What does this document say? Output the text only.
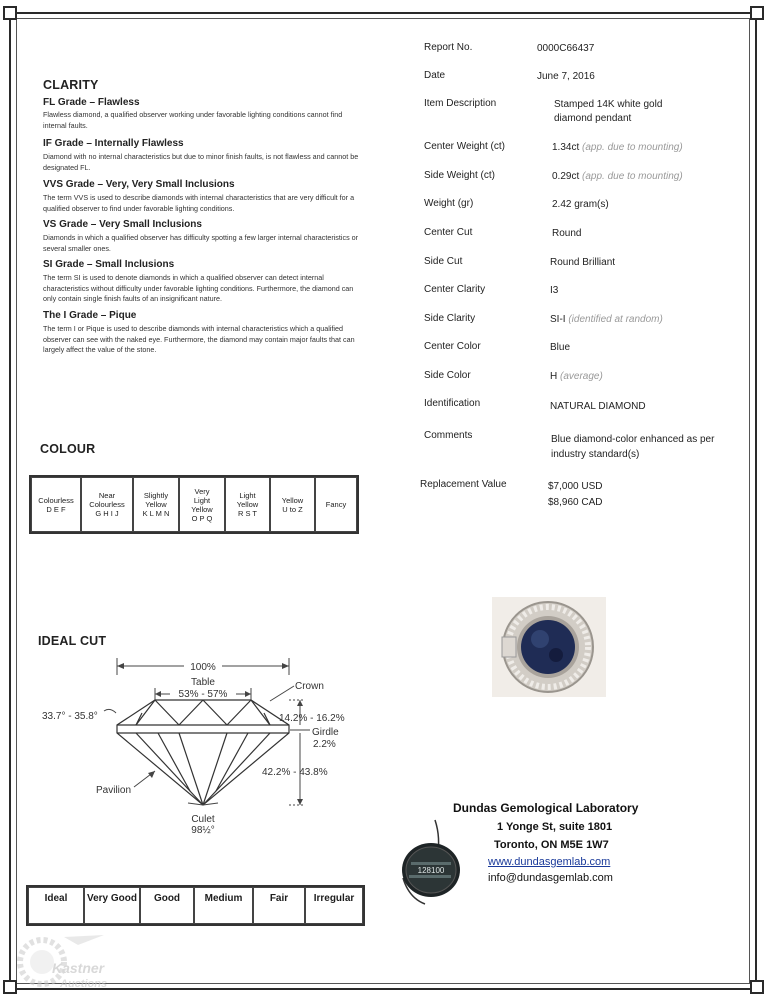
CLARITY
FL Grade – Flawless
Flawless diamond, a qualified observer working under favorable lighting conditions cannot find internal faults.
IF Grade – Internally Flawless
Diamond with no internal characteristics but due to minor finish faults, is not flawless and cannot be designated FL.
VVS Grade – Very, Very Small Inclusions
The term VVS is used to describe diamonds with internal characteristics that are very difficult for a qualified observer to find under favorable lighting conditions.
VS Grade – Very Small Inclusions
Diamonds in which a qualified observer has difficulty spotting a few larger internal characteristics or several smaller ones.
SI Grade – Small Inclusions
The term SI is used to denote diamonds in which a qualified observer can detect internal characteristics without difficulty under favorable lighting conditions. Furthermore, the diamond can only contain single finish faults of an insignificant nature.
The I Grade – Pique
The term I or Pique is used to describe diamonds with internal characteristics which a qualified observer can see with the naked eye. Furthermore, the diamond may contain major faults that can largely affect the value of the stone.
COLOUR
Colourless
D E F

Near Colourless
G H I J

Slightly Yellow
K L M N

Very Light Yellow
O P Q

Light Yellow
R S T

Yellow
U to Z	Fancy
IDEAL CUT
100%
Table
53% - 57%
Crown
33.7° - 35.8°	14.2% - 16.2%
Girdle
2.2%
42.2% - 43.8%
Pavilion
Culet
98½°
Ideal	Very Good	Good	Medium	Fair	Irregular
Report No.	0000C66437
Date	June 7, 2016
Item Description	Stamped 14K white gold diamond pendant
Center Weight (ct)	1.34ct (app. due to mounting)
Side Weight (ct)	0.29ct (app. due to mounting)
Weight (gr)	2.42 gram(s)
Center Cut	Round
Side Cut	Round Brilliant
Center Clarity	I3
Side Clarity	SI-I (identified at random)
Center Color	Blue
Side Color	H (average)
Identification	NATURAL DIAMOND
Comments	Blue diamond-color enhanced as per industry standard(s)
Replacement Value	$7,000 USD
$8,960 CAD
Dundas Gemological Laboratory
1 Yonge St, suite 1801
Toronto, ON M5E 1W7
www.dundasgemlab.com
info@dundasgemlab.com
128100
Kastner
Auctions
